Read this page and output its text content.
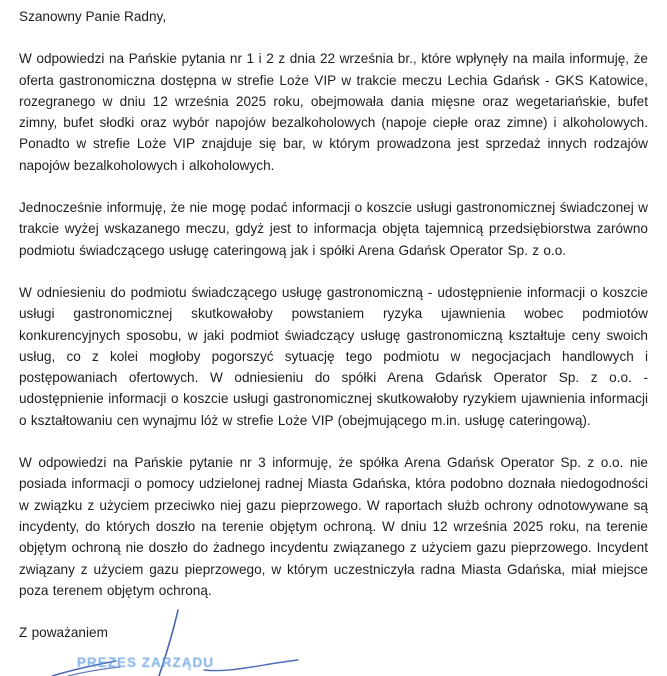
Szanowny Panie Radny,

W odpowiedzi na Pańskie pytania nr 1 i 2 z dnia 22 września br., które wpłynęły na maila informuję, że oferta gastronomiczna dostępna w strefie Loże VIP w trakcie meczu Lechia Gdańsk - GKS Katowice, rozegranego w dniu 12 września 2025 roku, obejmowała dania mięsne oraz wegetariańskie, bufet zimny, bufet słodki oraz wybór napojów bezalkoholowych (napoje ciepłe oraz zimne) i alkoholowych. Ponadto w strefie Loże VIP znajduje się bar, w którym prowadzona jest sprzedaż innych rodzajów napojów bezalkoholowych i alkoholowych.

Jednocześnie informuję, że nie mogę podać informacji o koszcie usługi gastronomicznej świadczonej w trakcie wyżej wskazanego meczu, gdyż jest to informacja objęta tajemnicą przedsiębiorstwa zarówno podmiotu świadczącego usługę cateringową jak i spółki Arena Gdańsk Operator Sp. z o.o.

W odniesieniu do podmiotu świadczącego usługę gastronomiczną - udostępnienie informacji o koszcie usługi gastronomicznej skutkowałoby powstaniem ryzyka ujawnienia wobec podmiotów konkurencyjnych sposobu, w jaki podmiot świadczący usługę gastronomiczną kształtuje ceny swoich usług, co z kolei mogłoby pogorszyć sytuację tego podmiotu w negocjacjach handlowych i postępowaniach ofertowych. W odniesieniu do spółki Arena Gdańsk Operator Sp. z o.o. - udostępnienie informacji o koszcie usługi gastronomicznej skutkowałoby ryzykiem ujawnienia informacji o kształtowaniu cen wynajmu lóż w strefie Loże VIP (obejmującego m.in. usługę cateringową).

W odpowiedzi na Pańskie pytanie nr 3 informuję, że spółka Arena Gdańsk Operator Sp. z o.o. nie posiada informacji o pomocy udzielonej radnej Miasta Gdańska, która podobno doznała niedogodności w związku z użyciem przeciwko niej gazu pieprzowego. W raportach służb ochrony odnotowywane są incydenty, do których doszło na terenie objętym ochroną. W dniu 12 września 2025 roku, na terenie objętym ochroną nie doszło do żadnego incydentu związanego z użyciem gazu pieprzowego. Incydent związany z użyciem gazu pieprzowego, w którym uczestniczyła radna Miasta Gdańska, miał miejsce poza terenem objętym ochroną.

Z poważaniem

PREZES ZARZĄDU
